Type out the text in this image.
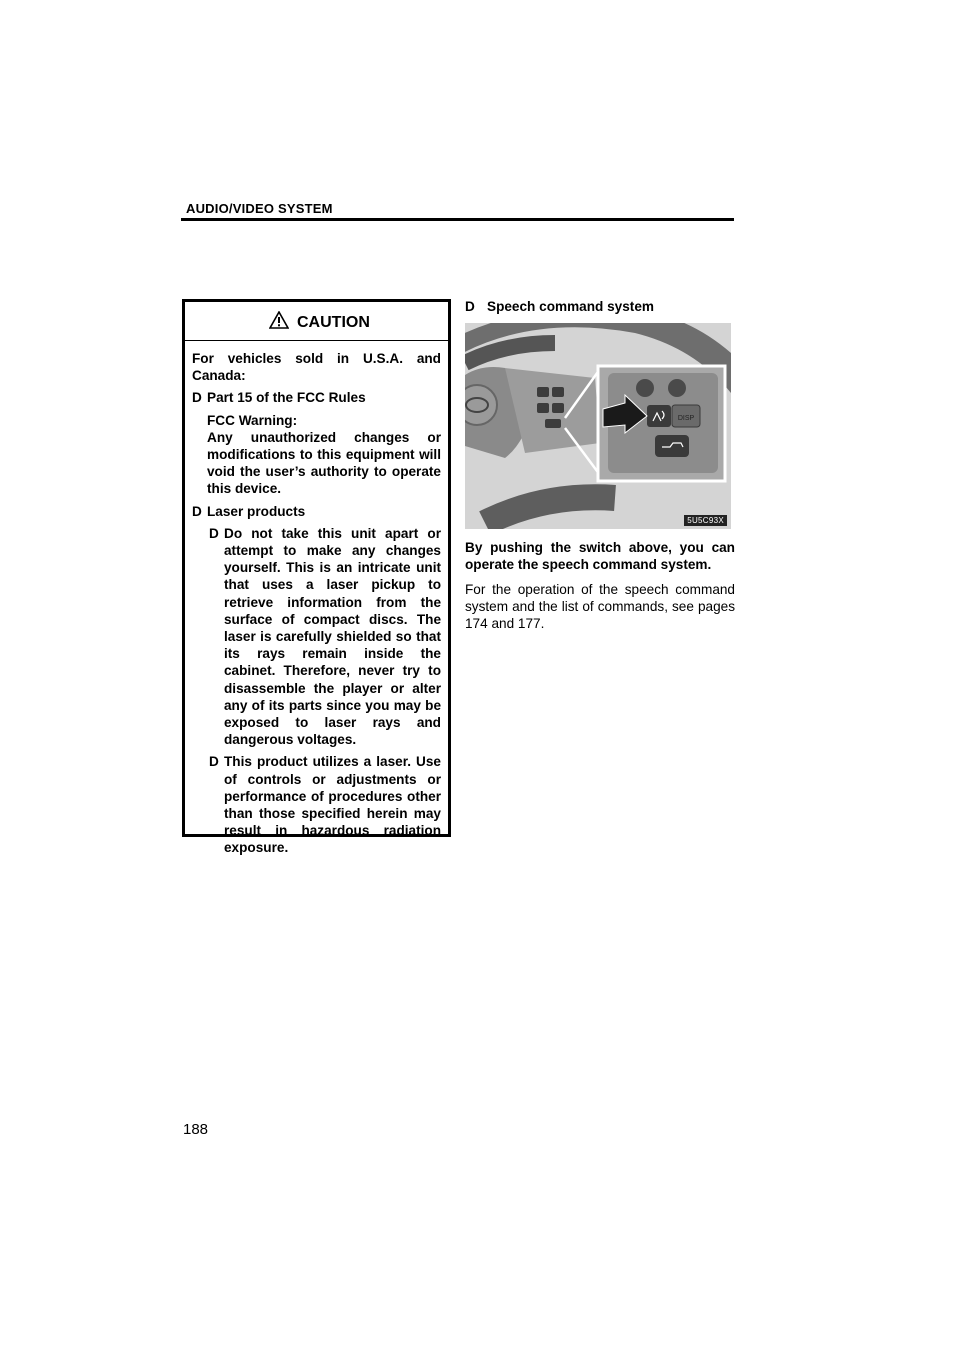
AUDIO/VIDEO SYSTEM
CAUTION

For vehicles sold in U.S.A. and Canada:

D Part 15 of the FCC Rules

FCC Warning:

Any unauthorized changes or modifications to this equipment will void the user’s authority to operate this device.

D Laser products

D Do not take this unit apart or attempt to make any changes yourself. This is an intricate unit that uses a laser pickup to retrieve information from the surface of compact discs. The laser is carefully shielded so that its rays remain inside the cabinet. Therefore, never try to disassemble the player or alter any of its parts since you may be exposed to laser rays and dangerous voltages.

D This product utilizes a laser. Use of controls or adjustments or performance of procedures other than those specified herein may result in hazardous radiation exposure.

D Speech command system
DISP
5U5C93X
By pushing the switch above, you can operate the speech command system.
For the operation of the speech command system and the list of commands, see pages 174 and 177.
188
